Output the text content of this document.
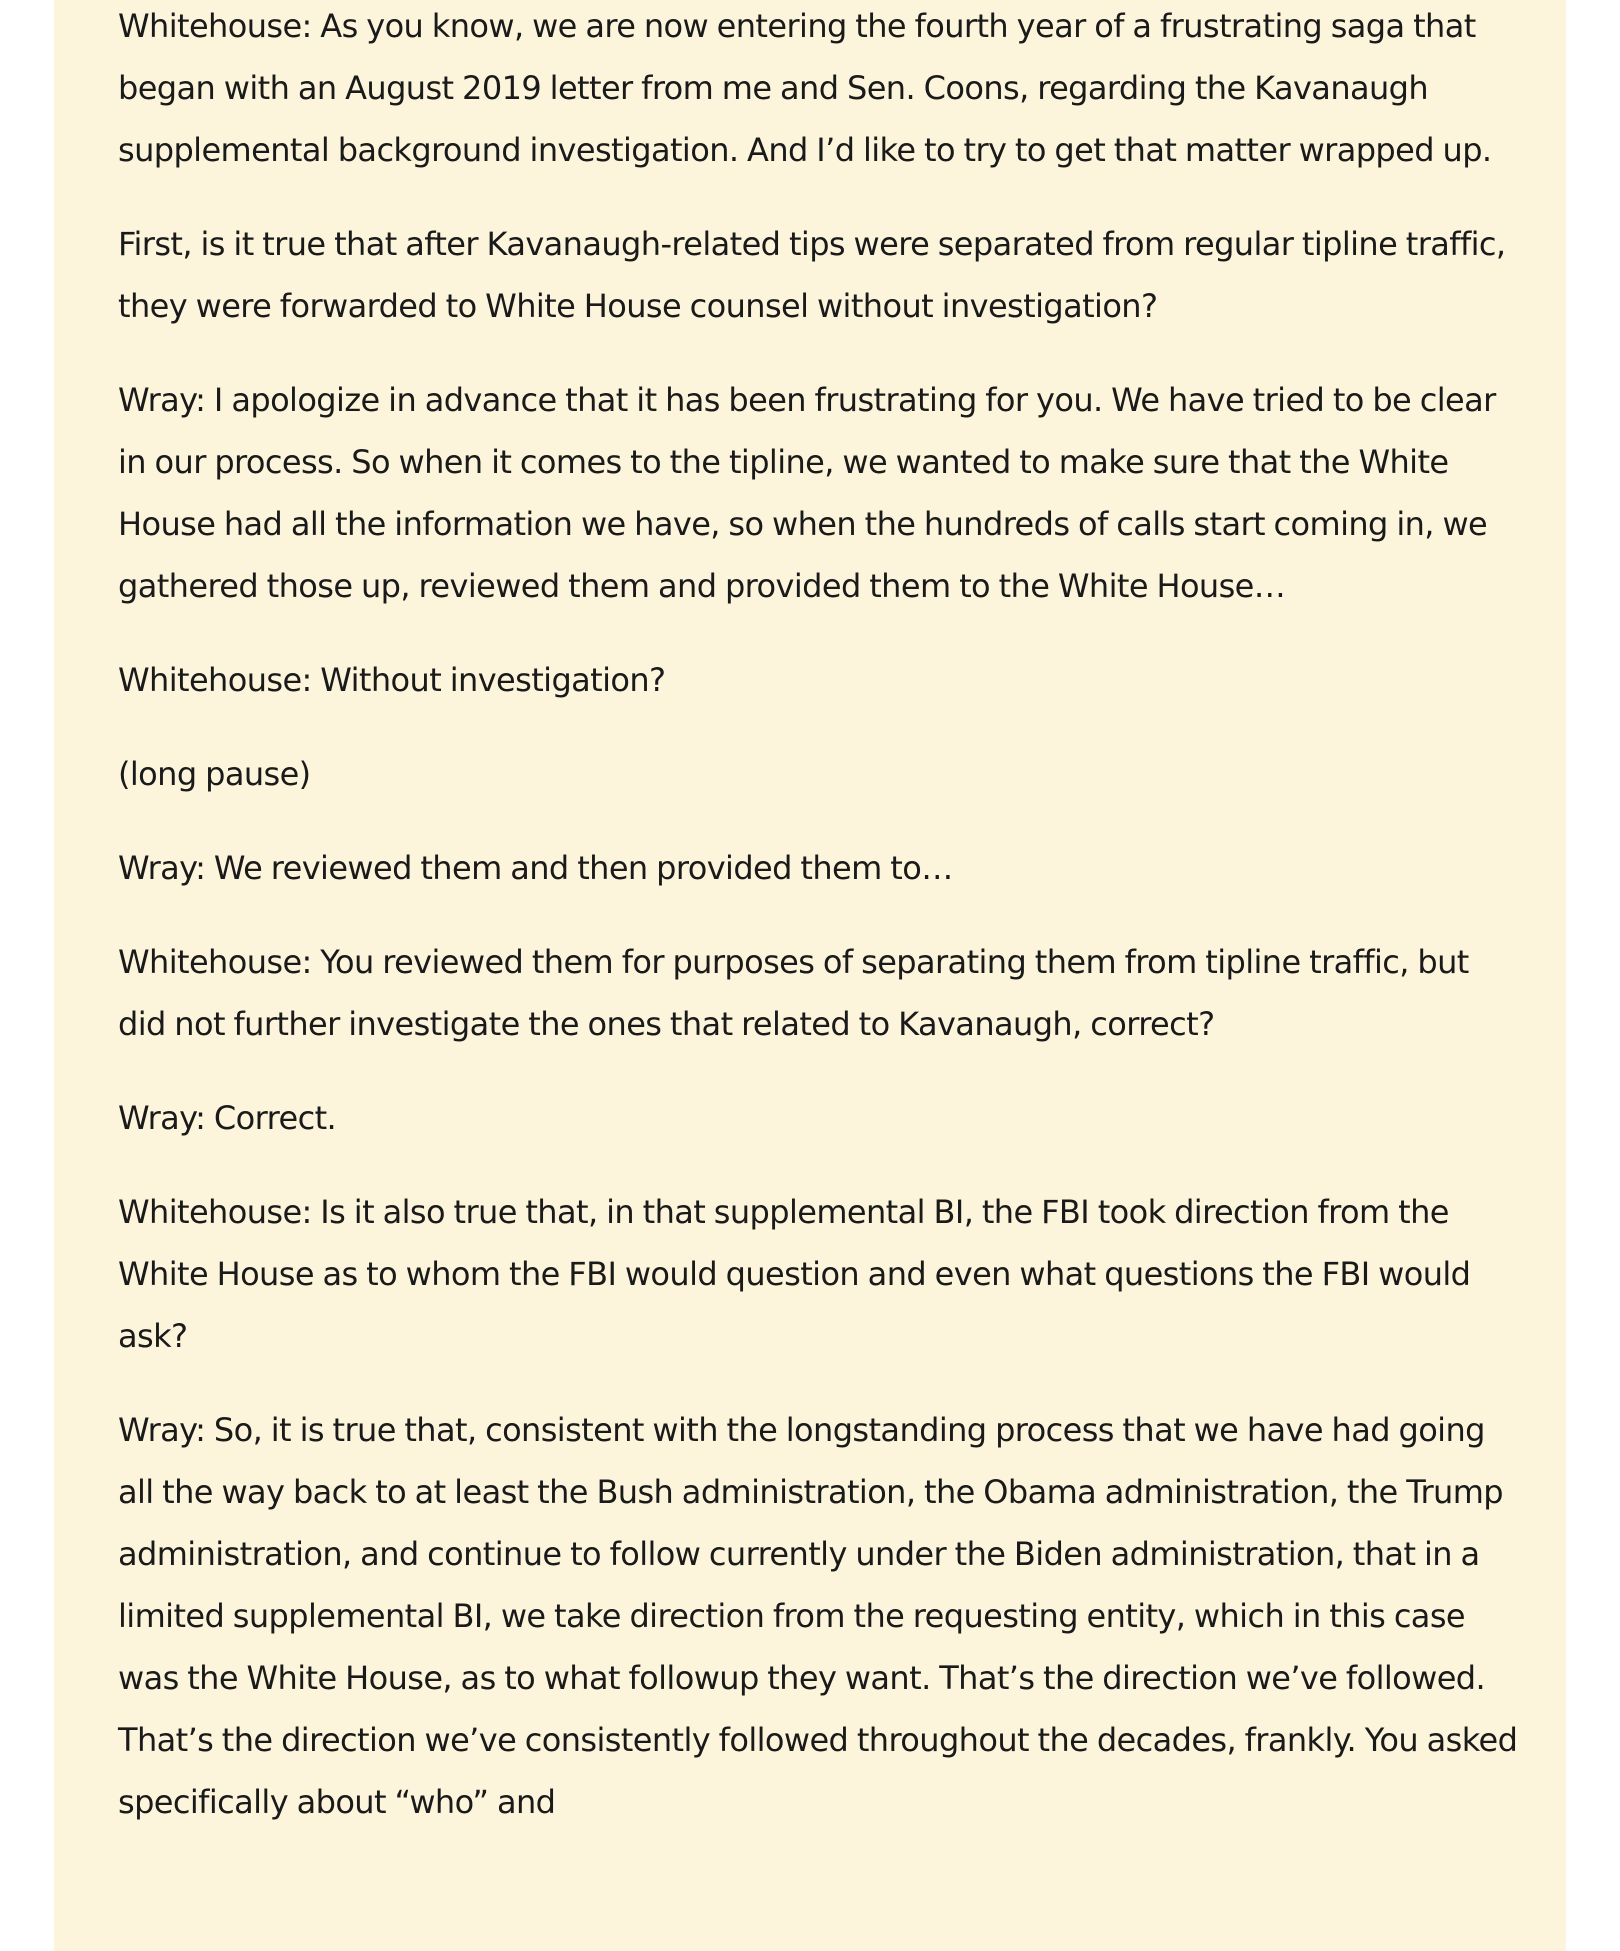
Whitehouse: As you know, we are now entering the fourth year of a frustrating saga that began with an August 2019 letter from me and Sen. Coons, regarding the Kavanaugh supplemental background investigation. And I’d like to try to get that matter wrapped up.

First, is it true that after Kavanaugh-related tips were separated from regular tipline traffic, they were forwarded to White House counsel without investigation?

Wray: I apologize in advance that it has been frustrating for you. We have tried to be clear in our process. So when it comes to the tipline, we wanted to make sure that the White House had all the information we have, so when the hundreds of calls start coming in, we gathered those up, reviewed them and provided them to the White House…

Whitehouse: Without investigation?

(long pause)

Wray: We reviewed them and then provided them to…

Whitehouse: You reviewed them for purposes of separating them from tipline traffic, but did not further investigate the ones that related to Kavanaugh, correct?

Wray: Correct.

Whitehouse: Is it also true that, in that supplemental BI, the FBI took direction from the White House as to whom the FBI would question and even what questions the FBI would ask?

Wray: So, it is true that, consistent with the longstanding process that we have had going all the way back to at least the Bush administration, the Obama administration, the Trump administration, and continue to follow currently under the Biden administration, that in a limited supplemental BI, we take direction from the requesting entity, which in this case was the White House, as to what followup they want. That’s the direction we’ve followed. That’s the direction we’ve consistently followed throughout the decades, frankly. You asked specifically about “who” and
